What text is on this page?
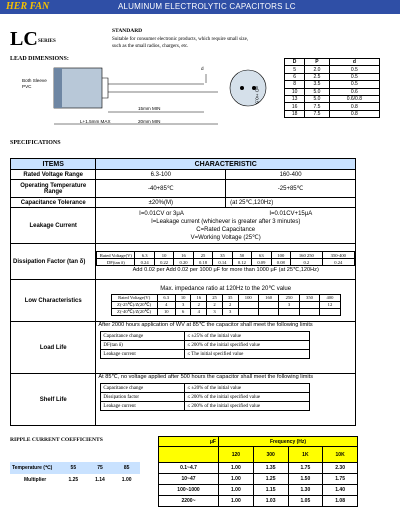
HER FAN	ALUMINUM ELECTROLYTIC CAPACITORS LC
LC SERIES
STANDARD
Suitable for consumer electronic products, which require small size,
such as the small radios, chargers, etc.
LEAD DIMENSIONS:
Both Sleeve
PVC
L+1.5mm MAX
15mm MIN
20mm MIN
d
φD±0.5
D	P	d
5	2.0	0.5
6	2.5	0.5
8	3.5	0.5
10	5.0	0.6
13	5.0	0.6/0.8
16	7.5	0.8
18	7.5	0.8
SPECIFICATIONS
ITEMS	CHARACTERISTIC
Rated Voltage Range	6.3-100	160-400
Operating Temperature Range	-40+85℃	-25+85℃
Capacitance Tolerance	±20%(M)	(at 25℃,120Hz)
Leakage Current	
I=0.01CV or 3μA	I=0.01CV+15μA
I=Leakage current (whichever is greater after 3 minutes)
C=Rated Capacitance
V=Working Voltage (25℃)

Dissipation Factor (tan δ)	
Rated Voltage(V)	6.3	10	16	25	35	50	63	100	160 250	350-400
DF(tan δ)	0.24	0.22	0.20	0.18	0.14	0.12	0.09	0.08	0.2	0.24
Add 0.02 per Add 0.02 per 1000 μF for more than 1000 μF (at 25℃,120Hz)

Low Characteristics	
Max. impedance ratio at 120Hz to the 20℃ value
Rated Voltage(V)	6.3	10	16	25	35	100	160	250	350	400
Z(-25℃)/Z(20℃)	4	3	2	2	2			3		12
Z(-40℃)/Z(20℃)	10	6	4	3	3					

Load Life	
After 2000 hours application of WV at 85℃ the capacitor shall meet the following limits
Capacitance change	≤ ±25% of the initial value
DF(tan δ)	≤ 200% of the initial specified value
Leakage current	≤ The initial specified value

Shelf Life	
At 85℃, no voltage applied after 500 hours the capacitor shall meet the following limits
Capacitance change	≤ ±20% of the initial value
Dissipation factor	≤ 200% of the initial specified value
Leakage current	≤ 200% of the initial specified value
RIPPLE CURRENT COEFFICIENTS
Temperature (℃)	55	75	85
Multiplier	1.25	1.14	1.00
μF	Frequency (Hz)			
	120	300	1K	10K
0.1~4.7	1.00	1.35	1.75	2.30
10~47	1.00	1.25	1.50	1.75
100~1000	1.00	1.15	1.30	1.40
2200~	1.00	1.03	1.05	1.08
